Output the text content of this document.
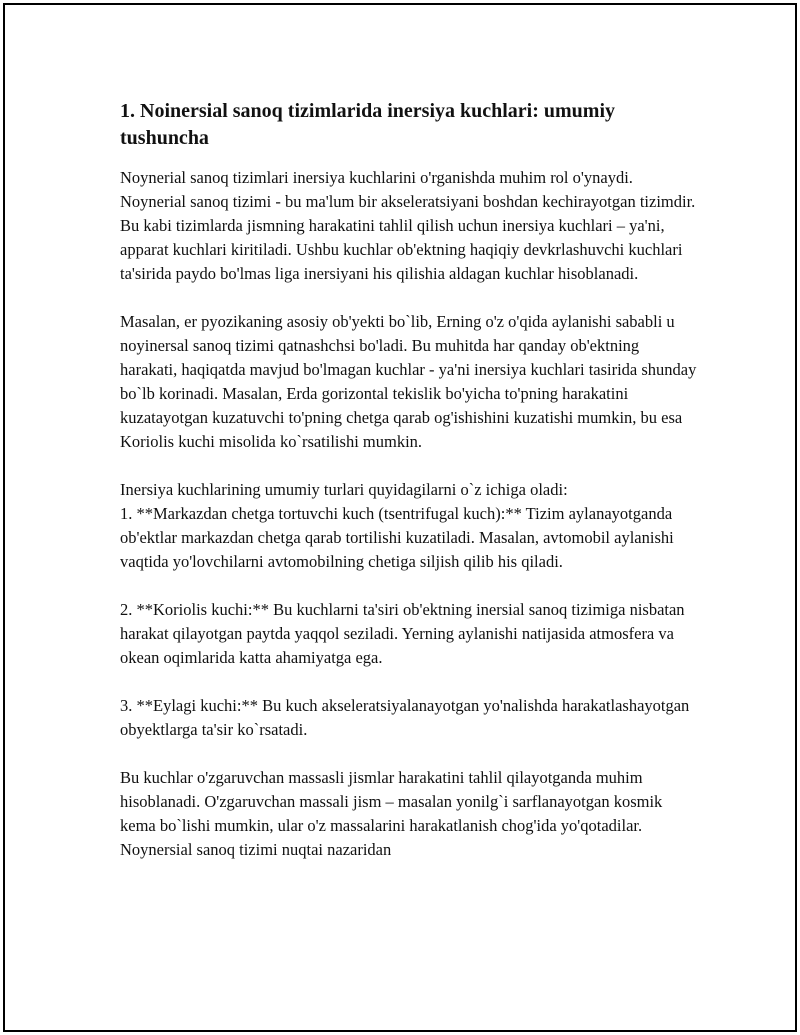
1. Noinersial sanoq tizimlarida inersiya kuchlari: umumiy tushuncha

Noynerial sanoq tizimlari inersiya kuchlarini o'rganishda muhim rol o'ynaydi. Noynerial sanoq tizimi - bu ma'lum bir akseleratsiyani boshdan kechirayotgan tizimdir. Bu kabi tizimlarda jismning harakatini tahlil qilish uchun inersiya kuchlari – ya'ni, apparat kuchlari kiritiladi. Ushbu kuchlar ob'ektning haqiqiy devkrlashuvchi kuchlari ta'sirida paydo bo'lmas liga inersiyani his qilishia aldagan kuchlar hisoblanadi.

Masalan, er pyozikaning asosiy ob'yekti bo`lib, Erning o'z o'qida aylanishi sababli u noyinersal sanoq tizimi qatnashchsi bo'ladi. Bu muhitda har qanday ob'ektning harakati, haqiqatda mavjud bo'lmagan kuchlar - ya'ni inersiya kuchlari tasirida shunday bo`lb korinadi. Masalan, Erda gorizontal tekislik bo'yicha to'pning harakatini kuzatayotgan kuzatuvchi to'pning chetga qarab og'ishishini kuzatishi mumkin, bu esa Koriolis kuchi misolida ko`rsatilishi mumkin.

Inersiya kuchlarining umumiy turlari quyidagilarni o`z ichiga oladi:
1. **Markazdan chetga tortuvchi kuch (tsentrifugal kuch):** Tizim aylanayotganda ob'ektlar markazdan chetga qarab tortilishi kuzatiladi. Masalan, avtomobil aylanishi vaqtida yo'lovchilarni avtomobilning chetiga siljish qilib his qiladi.

2. **Koriolis kuchi:** Bu kuchlarni ta'siri ob'ektning inersial sanoq tizimiga nisbatan harakat qilayotgan paytda yaqqol seziladi. Yerning aylanishi natijasida atmosfera va okean oqimlarida katta ahamiyatga ega.

3. **Eylagi kuchi:** Bu kuch akseleratsiyalanayotgan yo'nalishda harakatlashayotgan obyektlarga ta'sir ko`rsatadi.

Bu kuchlar o'zgaruvchan massasli jismlar harakatini tahlil qilayotganda muhim hisoblanadi. O'zgaruvchan massali jism – masalan yonilg`i sarflanayotgan kosmik kema bo`lishi mumkin, ular o'z massalarini harakatlanish chog'ida yo'qotadilar. Noynersial sanoq tizimi nuqtai nazaridan
